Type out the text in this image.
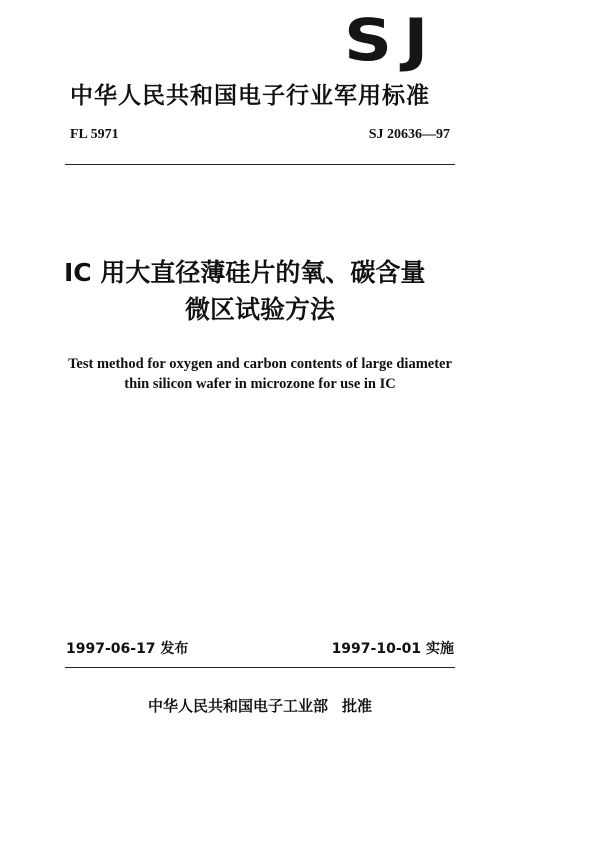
SJ
中华人民共和国电子行业军用标准
FL 5971	SJ 20636—97
IC 用大直径薄硅片的氧、碳含量
微区试验方法
Test method for oxygen and carbon contents of large diameter
thin silicon wafer in microzone for use in IC
1997-06-17 发布	1997-10-01 实施
中华人民共和国电子工业部 批准
